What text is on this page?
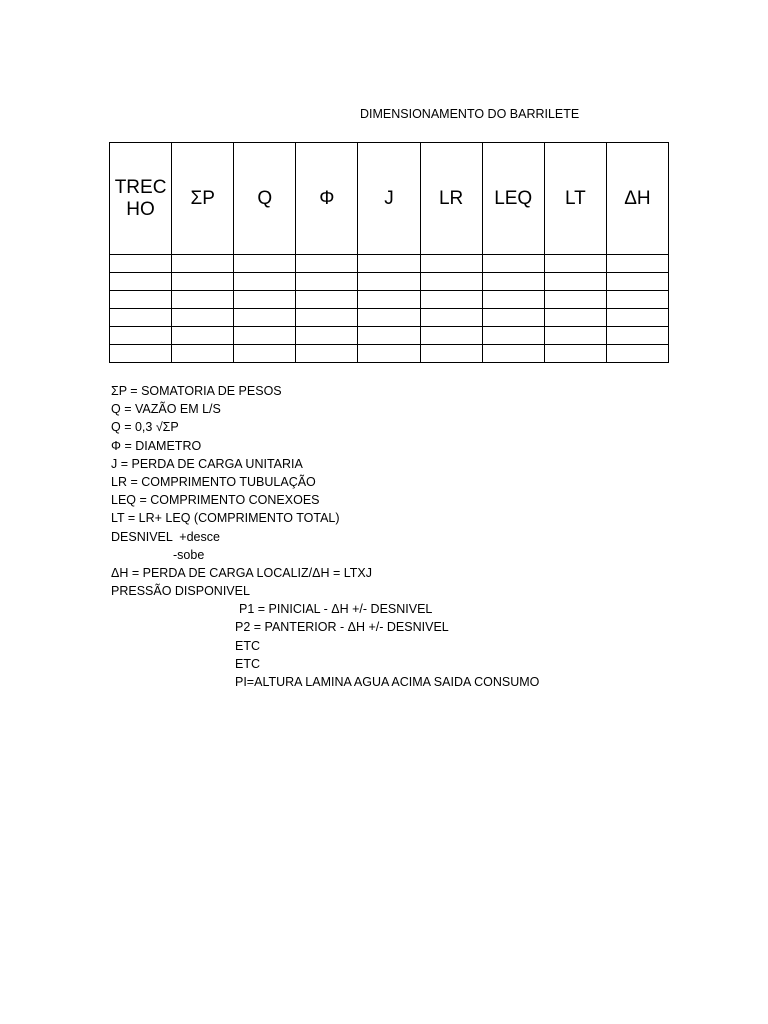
DIMENSIONAMENTO DO BARRILETE
TREC
HO	ΣP	Q	Φ	J	LR	LEQ	LT	ΔH

ΣP = SOMATORIA DE PESOS
Q = VAZÃO EM L/S
Q = 0,3 √ΣP
Φ = DIAMETRO
J = PERDA DE CARGA UNITARIA
LR = COMPRIMENTO TUBULAÇÃO
LEQ = COMPRIMENTO CONEXOES
LT = LR+ LEQ (COMPRIMENTO TOTAL)
DESNIVEL  +desce
-sobe
ΔH = PERDA DE CARGA LOCALIZ/ΔH = LTXJ
PRESSÃO DISPONIVEL
P1 = PINICIAL - ΔH +/- DESNIVEL
P2 = PANTERIOR - ΔH +/- DESNIVEL
ETC
ETC
PI=ALTURA LAMINA AGUA ACIMA SAIDA CONSUMO
